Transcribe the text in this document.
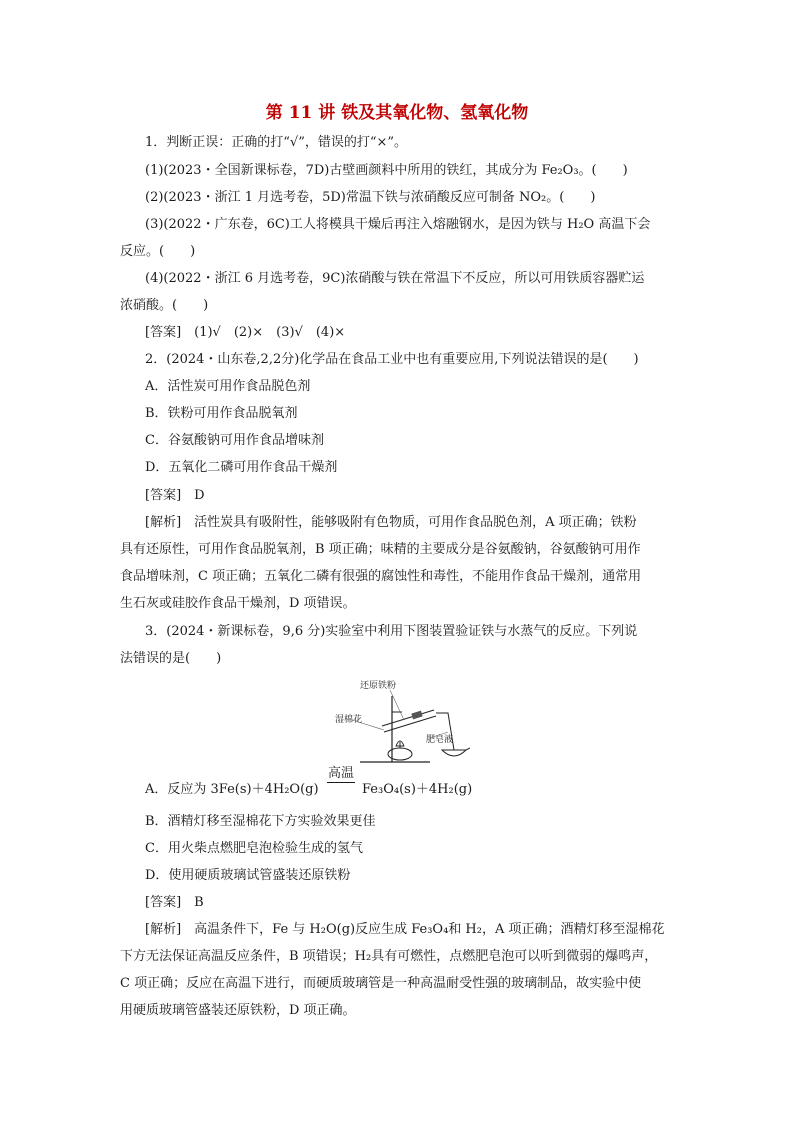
第 11 讲 铁及其氧化物、氢氧化物
1．判断正误：正确的打“√”，错误的打“×”。
(1)(2023・全国新课标卷，7D)古壁画颜料中所用的铁红，其成分为 Fe₂O₃。(　　)
(2)(2023・浙江 1 月选考卷，5D)常温下铁与浓硝酸反应可制备 NO₂。(　　)
(3)(2022・广东卷，6C)工人将模具干燥后再注入熔融钢水，是因为铁与 H₂O 高温下会
反应。(　　)
(4)(2022・浙江 6 月选考卷，9C)浓硝酸与铁在常温下不反应，所以可用铁质容器贮运
浓硝酸。(　　)
[答案]　(1)√　(2)×　(3)√　(4)×
2．(2024・山东卷,2,2分)化学品在食品工业中也有重要应用,下列说法错误的是(　　)
A．活性炭可用作食品脱色剂
B．铁粉可用作食品脱氧剂
C．谷氨酸钠可用作食品增味剂
D．五氧化二磷可用作食品干燥剂
[答案]　D
[解析]　活性炭具有吸附性，能够吸附有色物质，可用作食品脱色剂，A 项正确；铁粉
具有还原性，可用作食品脱氧剂，B 项正确；味精的主要成分是谷氨酸钠，谷氨酸钠可用作
食品增味剂，C 项正确；五氧化二磷有很强的腐蚀性和毒性，不能用作食品干燥剂，通常用
生石灰或硅胶作食品干燥剂，D 项错误。
3．(2024・新课标卷，9,6 分)实验室中利用下图装置验证铁与水蒸气的反应。下列说
法错误的是(　　)
还原铁粉
湿棉花
肥皂液
A．反应为 3Fe(s)＋4H₂O(g)
高温
Fe₃O₄(s)＋4H₂(g)
B．酒精灯移至湿棉花下方实验效果更佳
C．用火柴点燃肥皂泡检验生成的氢气
D．使用硬质玻璃试管盛装还原铁粉
[答案]　B
[解析]　高温条件下，Fe 与 H₂O(g)反应生成 Fe₃O₄和 H₂，A 项正确；酒精灯移至湿棉花
下方无法保证高温反应条件，B 项错误；H₂具有可燃性，点燃肥皂泡可以听到微弱的爆鸣声，
C 项正确；反应在高温下进行，而硬质玻璃管是一种高温耐受性强的玻璃制品，故实验中使
用硬质玻璃管盛装还原铁粉，D 项正确。
